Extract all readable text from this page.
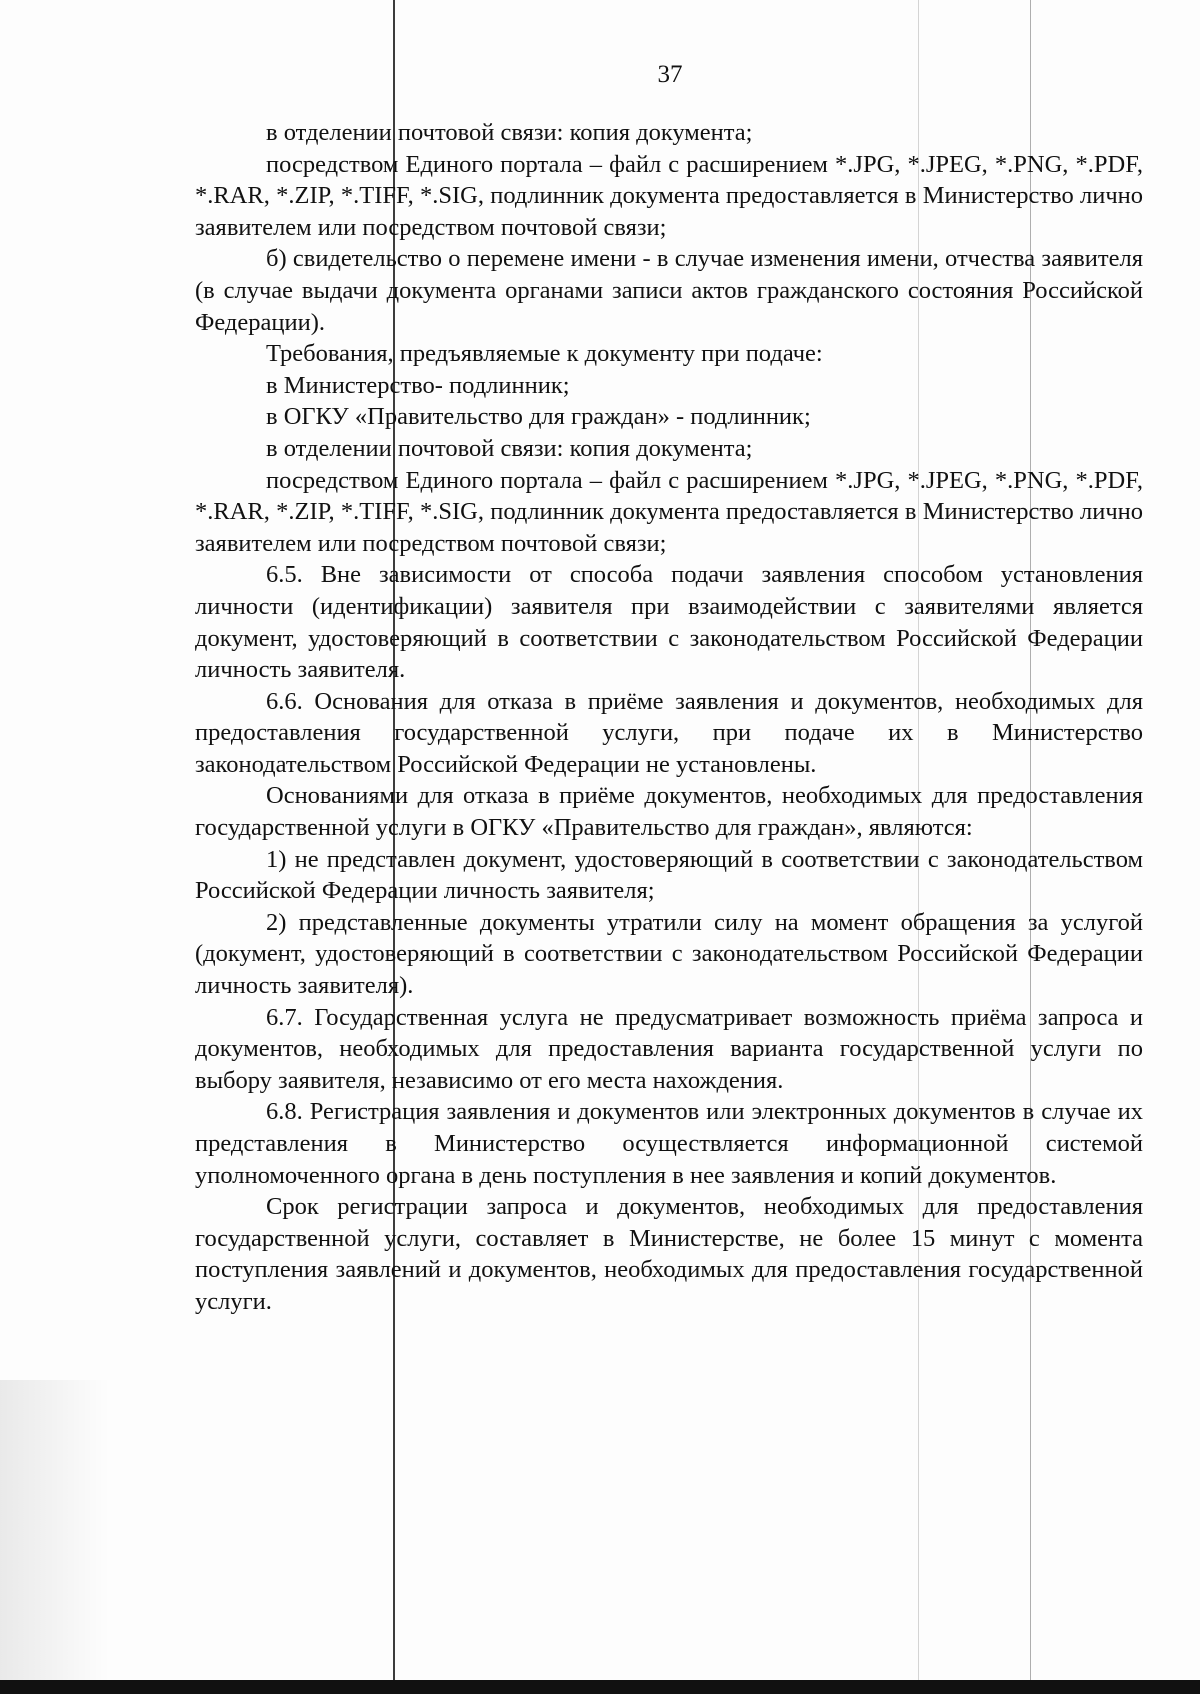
37

в отделении почтовой связи: копия документа;

посредством Единого портала – файл с расширением *.JPG, *.JPEG, *.PNG, *.PDF, *.RAR, *.ZIP, *.TIFF, *.SIG, подлинник документа предоставляется в Министерство лично заявителем или посредством почтовой связи;

б) свидетельство о перемене имени - в случае изменения имени, отчества заявителя (в случае выдачи документа органами записи актов гражданского состояния Российской Федерации).

Требования, предъявляемые к документу при подаче:

в Министерство- подлинник;

в ОГКУ «Правительство для граждан» - подлинник;

в отделении почтовой связи: копия документа;

посредством Единого портала – файл с расширением *.JPG, *.JPEG, *.PNG, *.PDF, *.RAR, *.ZIP, *.TIFF, *.SIG, подлинник документа предоставляется в Министерство лично заявителем или посредством почтовой связи;

6.5. Вне зависимости от способа подачи заявления способом установления личности (идентификации) заявителя при взаимодействии с заявителями является документ, удостоверяющий в соответствии с законодательством Российской Федерации личность заявителя.

6.6. Основания для отказа в приёме заявления и документов, необходимых для предоставления государственной услуги, при подаче их в Министерство законодательством Российской Федерации не установлены.

Основаниями для отказа в приёме документов, необходимых для предоставления государственной услуги в ОГКУ «Правительство для граждан», являются:

1) не представлен документ, удостоверяющий в соответствии с законодательством Российской Федерации личность заявителя;

2) представленные документы утратили силу на момент обращения за услугой (документ, удостоверяющий в соответствии с законодательством Российской Федерации личность заявителя).

6.7. Государственная услуга не предусматривает возможность приёма запроса и документов, необходимых для предоставления варианта государственной услуги по выбору заявителя, независимо от его места нахождения.

6.8. Регистрация заявления и документов или электронных документов в случае их представления в Министерство осуществляется информационной системой уполномоченного органа в день поступления в нее заявления и копий документов.

Срок регистрации запроса и документов, необходимых для предоставления государственной услуги, составляет в Министерстве, не более 15 минут с момента поступления заявлений и документов, необходимых для предоставления государственной услуги.
